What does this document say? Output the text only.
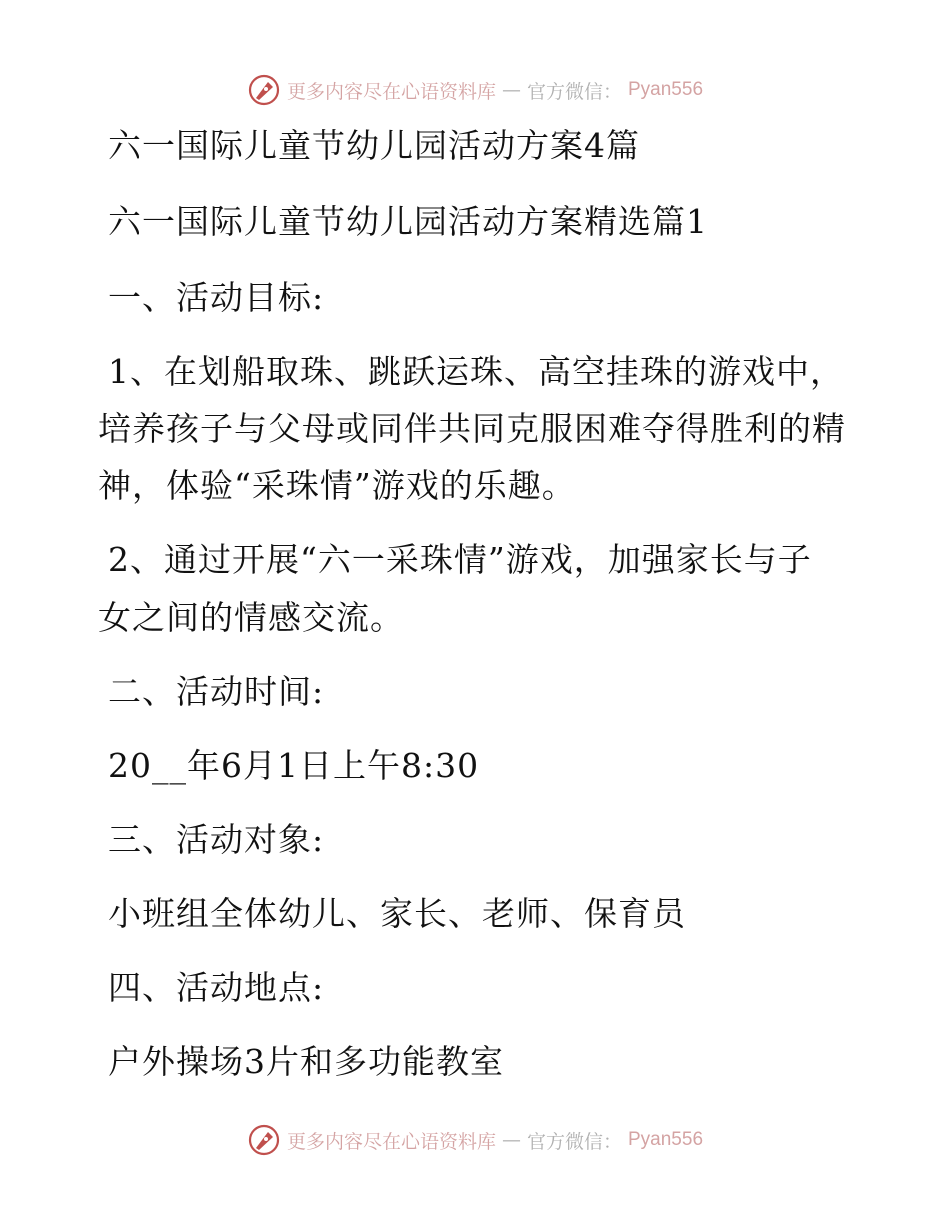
更多内容尽在心语资料库 — 官方微信： Pyan556
六一国际儿童节幼儿园活动方案4篇
六一国际儿童节幼儿园活动方案精选篇1
一、活动目标:
1、在划船取珠、跳跃运珠、高空挂珠的游戏中，
培养孩子与父母或同伴共同克服困难夺得胜利的精
神，体验“采珠情”游戏的乐趣。
2、通过开展“六一采珠情”游戏，加强家长与子
女之间的情感交流。
二、活动时间:
20__年6月1日上午8:30
三、活动对象:
小班组全体幼儿、家长、老师、保育员
四、活动地点:
户外操场3片和多功能教室
更多内容尽在心语资料库 — 官方微信： Pyan556
